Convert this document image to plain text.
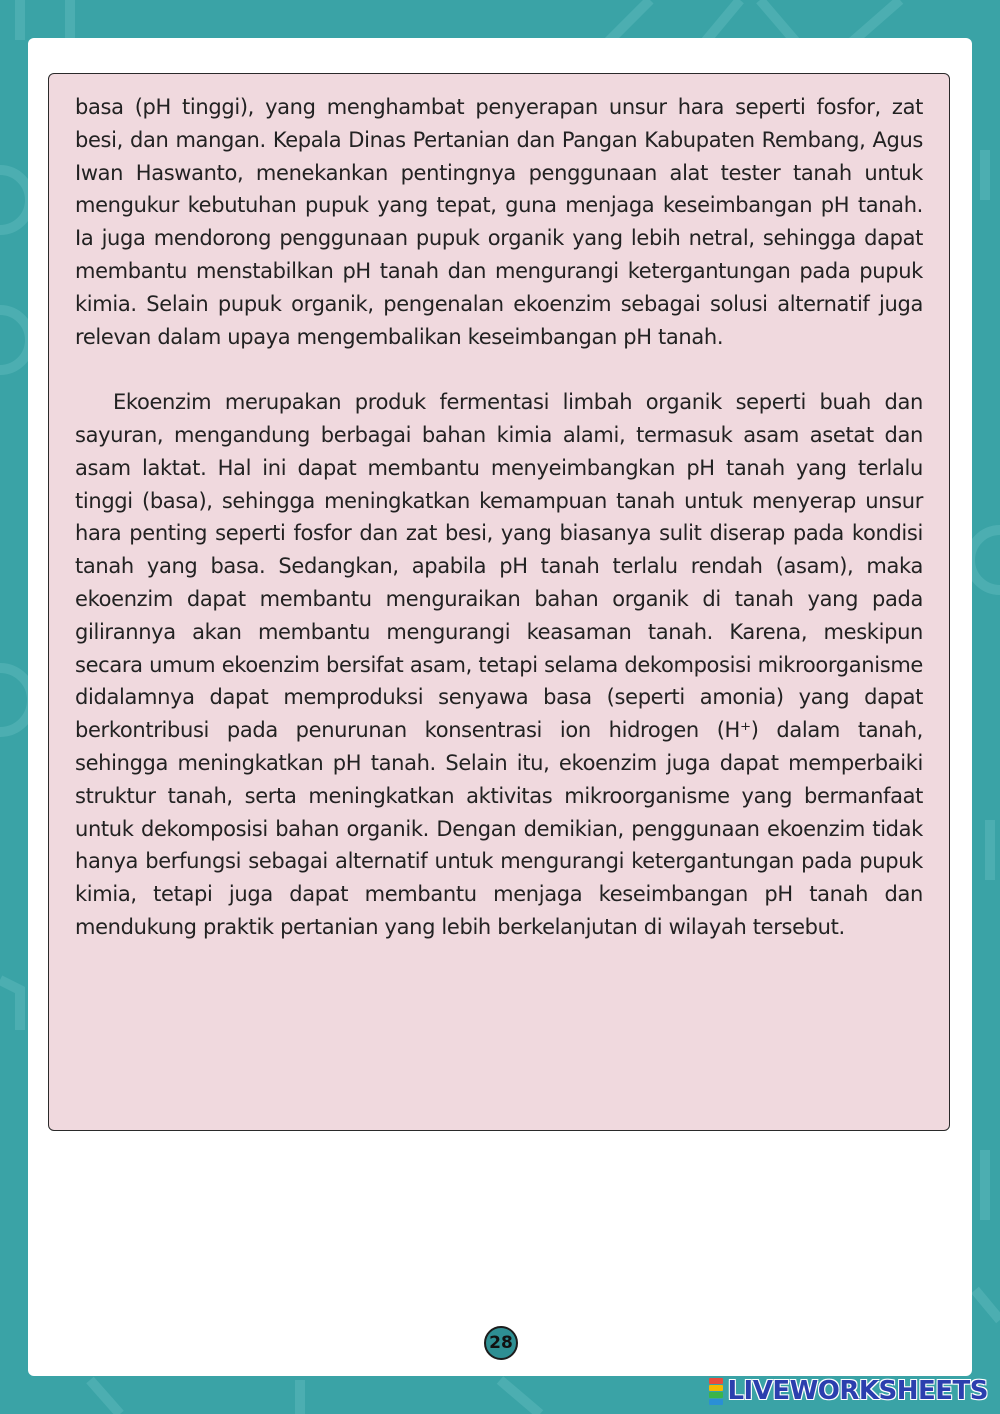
basa (pH tinggi), yang menghambat penyerapan unsur hara seperti fosfor, zat besi, dan mangan. Kepala Dinas Pertanian dan Pangan Kabupaten Rembang, Agus Iwan Haswanto, menekankan pentingnya penggunaan alat tester tanah untuk mengukur kebutuhan pupuk yang tepat, guna menjaga keseimbangan pH tanah. Ia juga mendorong penggunaan pupuk organik yang lebih netral, sehingga dapat membantu menstabilkan pH tanah dan mengurangi ketergantungan pada pupuk kimia. Selain pupuk organik, pengenalan ekoenzim sebagai solusi alternatif juga relevan dalam upaya mengembalikan keseimbangan pH tanah.

Ekoenzim merupakan produk fermentasi limbah organik seperti buah dan sayuran, mengandung berbagai bahan kimia alami, termasuk asam asetat dan asam laktat. Hal ini dapat membantu menyeimbangkan pH tanah yang terlalu tinggi (basa), sehingga meningkatkan kemampuan tanah untuk menyerap unsur hara penting seperti fosfor dan zat besi, yang biasanya sulit diserap pada kondisi tanah yang basa. Sedangkan, apabila pH tanah terlalu rendah (asam), maka ekoenzim dapat membantu menguraikan bahan organik di tanah yang pada gilirannya akan membantu mengurangi keasaman tanah. Karena, meskipun secara umum ekoenzim bersifat asam, tetapi selama dekomposisi mikroorganisme didalamnya dapat memproduksi senyawa basa (seperti amonia) yang dapat berkontribusi pada penurunan konsentrasi ion hidrogen (H⁺) dalam tanah, sehingga meningkatkan pH tanah. Selain itu, ekoenzim juga dapat memperbaiki struktur tanah, serta meningkatkan aktivitas mikroorganisme yang bermanfaat untuk dekomposisi bahan organik. Dengan demikian, penggunaan ekoenzim tidak hanya berfungsi sebagai alternatif untuk mengurangi ketergantungan pada pupuk kimia, tetapi juga dapat membantu menjaga keseimbangan pH tanah dan mendukung praktik pertanian yang lebih berkelanjutan di wilayah tersebut.

28
LIVEWORKSHEETS
